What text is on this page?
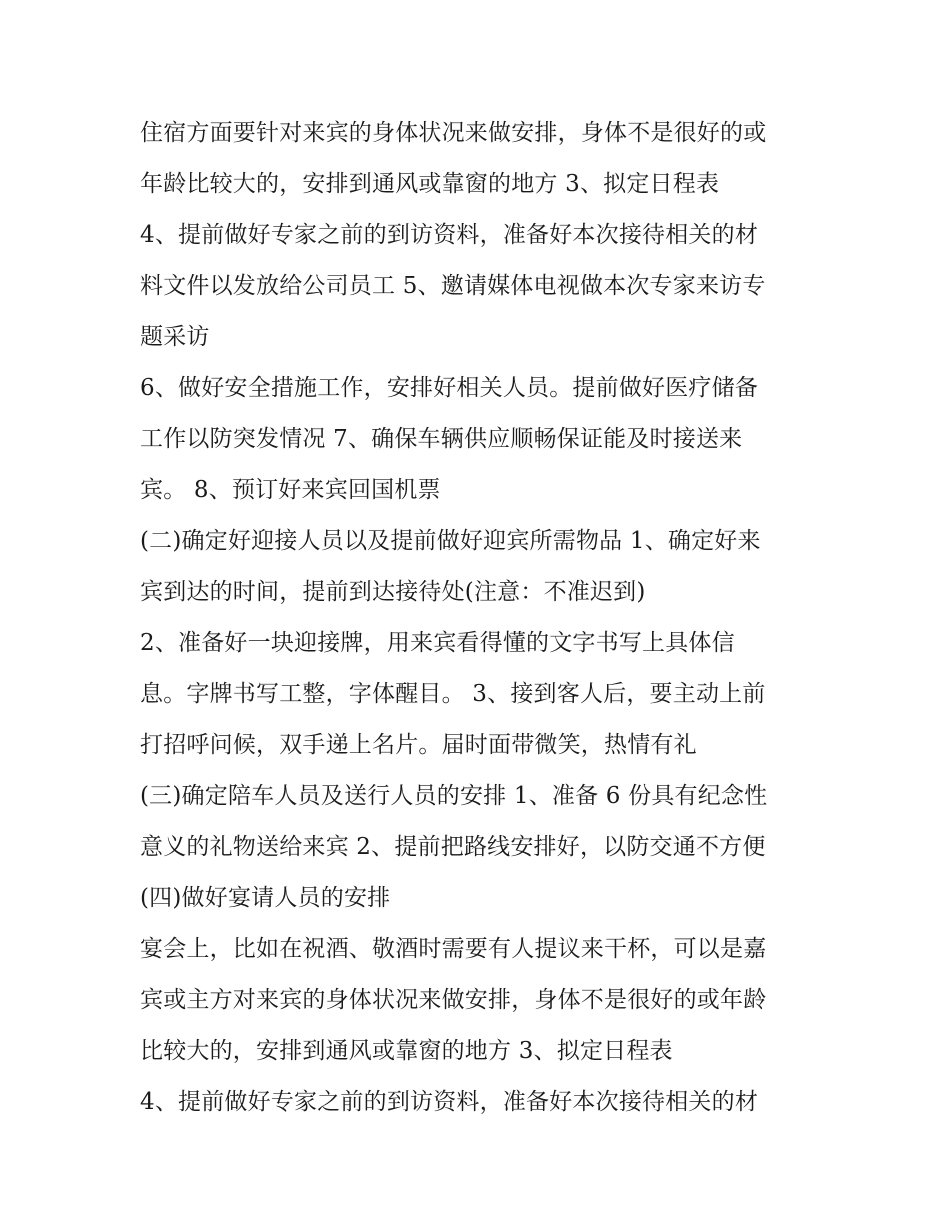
住宿方面要针对来宾的身体状况来做安排，身体不是很好的或
年龄比较大的，安排到通风或靠窗的地方 3、拟定日程表
4、提前做好专家之前的到访资料，准备好本次接待相关的材
料文件以发放给公司员工 5、邀请媒体电视做本次专家来访专
题采访
6、做好安全措施工作，安排好相关人员。提前做好医疗储备
工作以防突发情况 7、确保车辆供应顺畅保证能及时接送来
宾。 8、预订好来宾回国机票
(二)确定好迎接人员以及提前做好迎宾所需物品 1、确定好来
宾到达的时间，提前到达接待处(注意：不准迟到)
2、准备好一块迎接牌，用来宾看得懂的文字书写上具体信
息。字牌书写工整，字体醒目。 3、接到客人后，要主动上前
打招呼问候，双手递上名片。届时面带微笑，热情有礼
(三)确定陪车人员及送行人员的安排 1、准备 6 份具有纪念性
意义的礼物送给来宾 2、提前把路线安排好，以防交通不方便
(四)做好宴请人员的安排
宴会上，比如在祝酒、敬酒时需要有人提议来干杯，可以是嘉
宾或主方对来宾的身体状况来做安排，身体不是很好的或年龄
比较大的，安排到通风或靠窗的地方 3、拟定日程表
4、提前做好专家之前的到访资料，准备好本次接待相关的材
